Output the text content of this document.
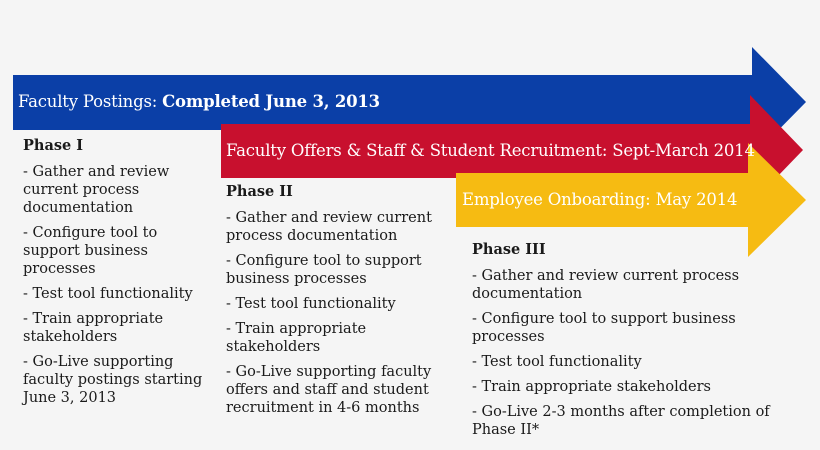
Faculty Postings: Completed June 3, 2013
Faculty Offers & Staff & Student Recruitment: Sept-March 2014
Employee Onboarding: May 2014
Phase I
- Gather and review current process documentation
- Configure tool to support business processes
- Test tool functionality
- Train appropriate stakeholders
- Go-Live supporting faculty postings starting June 3, 2013
Phase II
- Gather and review current process documentation
- Configure tool to support business processes
- Test tool functionality
- Train appropriate stakeholders
- Go-Live supporting faculty offers and staff and student recruitment in 4-6 months
Phase III
- Gather and review current process documentation
- Configure tool to support business processes
- Test tool functionality
- Train appropriate stakeholders
- Go-Live 2-3 months after completion of Phase II*
